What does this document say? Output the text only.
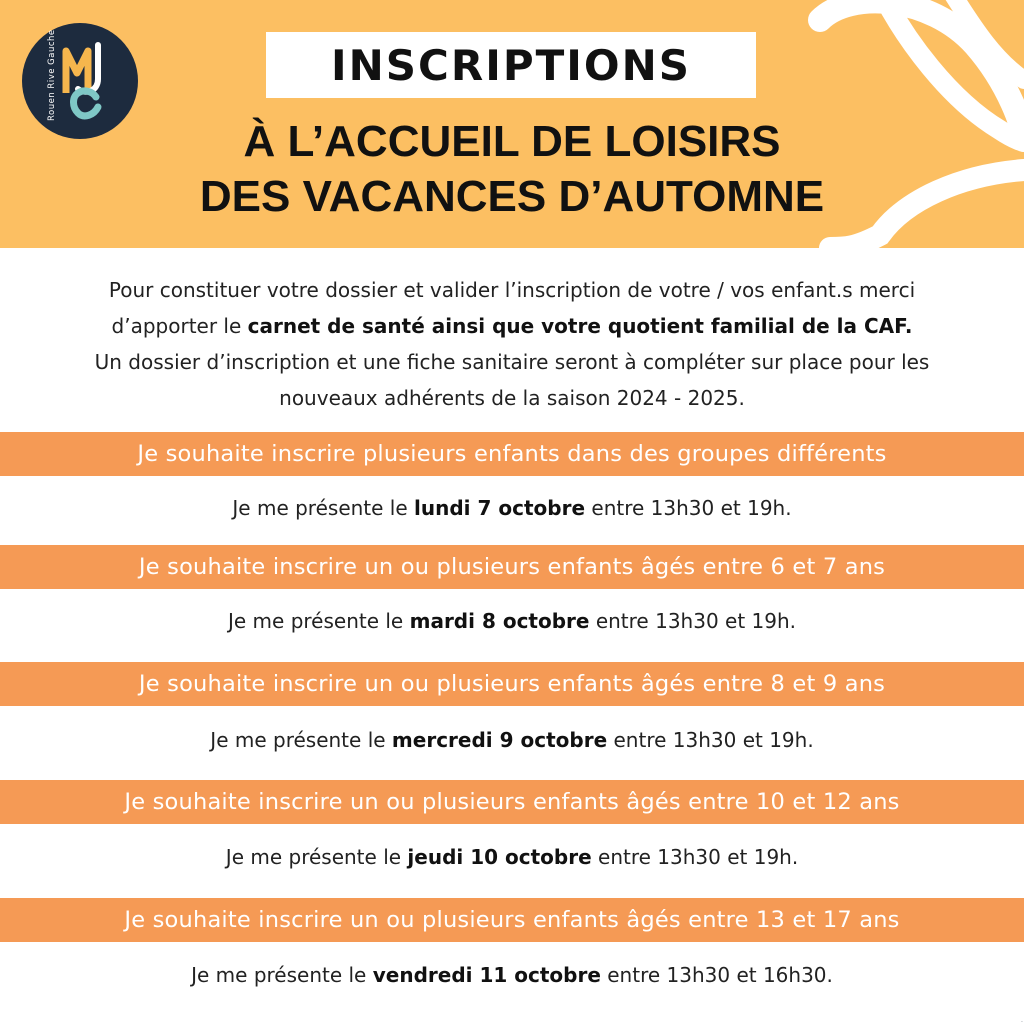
MJC
Rouen Rive Gauche	INSCRIPTIONS
À L’ACCUEIL DE LOISIRS
DES VACANCES D’AUTOMNE
Pour constituer votre dossier et valider l’inscription de votre / vos enfant.s merci
d’apporter le carnet de santé ainsi que votre quotient familial de la CAF.
Un dossier d’inscription et une fiche sanitaire seront à compléter sur place pour les
nouveaux adhérents de la saison 2024 - 2025.
Je souhaite inscrire plusieurs enfants dans des groupes différents
Je me présente le lundi 7 octobre entre 13h30 et 19h.
Je souhaite inscrire un ou plusieurs enfants âgés entre 6 et 7 ans
Je me présente le mardi 8 octobre entre 13h30 et 19h.
Je souhaite inscrire un ou plusieurs enfants âgés entre 8 et 9 ans
Je me présente le mercredi 9 octobre entre 13h30 et 19h.
Je souhaite inscrire un ou plusieurs enfants âgés entre 10 et 12 ans
Je me présente le jeudi 10 octobre entre 13h30 et 19h.
Je souhaite inscrire un ou plusieurs enfants âgés entre 13 et 17 ans
Je me présente le vendredi 11 octobre entre 13h30 et 16h30.
